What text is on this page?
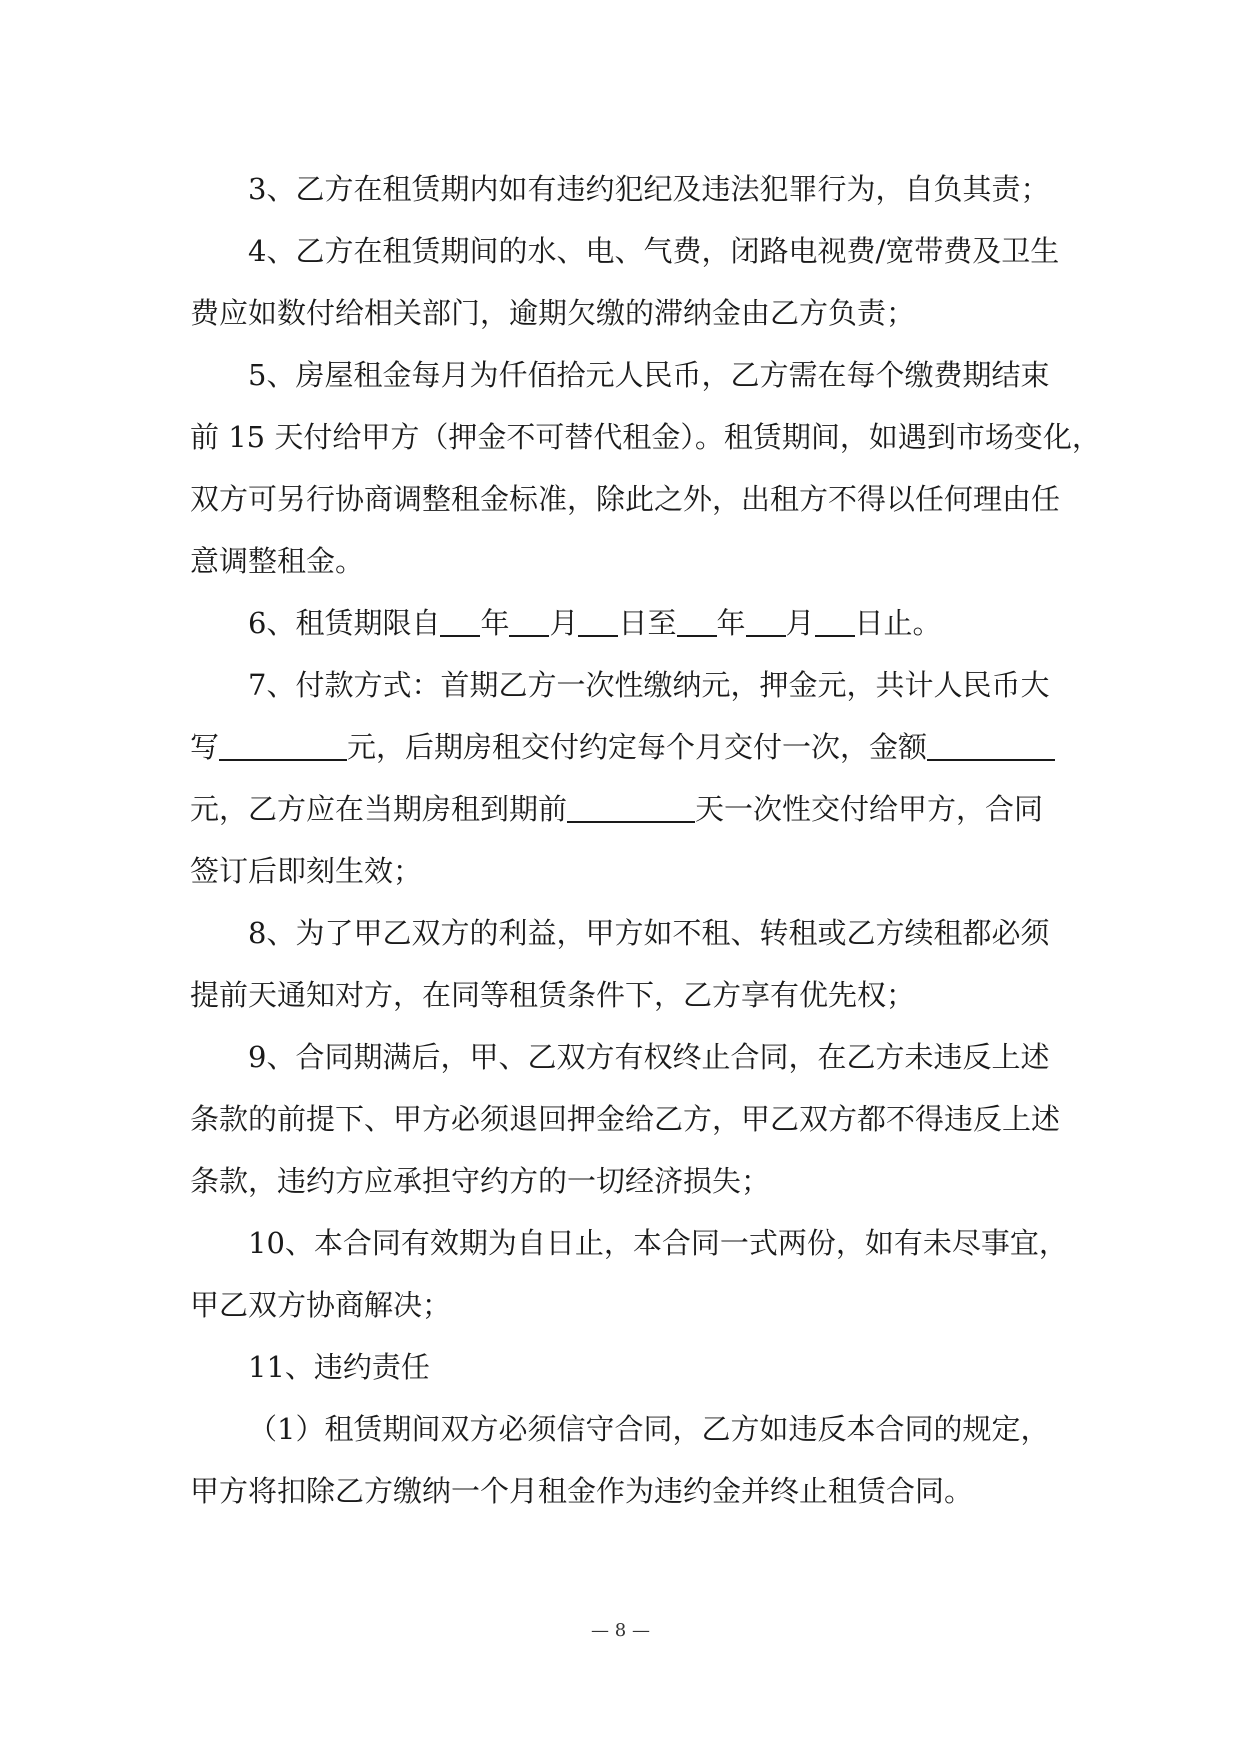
3、乙方在租赁期内如有违约犯纪及违法犯罪行为，自负其责；
4、乙方在租赁期间的水、电、气费，闭路电视费/宽带费及卫生
费应如数付给相关部门，逾期欠缴的滞纳金由乙方负责；
5、房屋租金每月为仟佰拾元人民币，乙方需在每个缴费期结束
前 15 天付给甲方（押金不可替代租金）。租赁期间，如遇到市场变化，
双方可另行协商调整租金标准，除此之外，出租方不得以任何理由任
意调整租金。
6、租赁期限自 年 月 日至 年 月 日止。
7、付款方式：首期乙方一次性缴纳元，押金元，共计人民币大
写	元，后期房租交付约定每个月交付一次，金额
元，乙方应在当期房租到期前	天一次性交付给甲方，合同
签订后即刻生效；
8、为了甲乙双方的利益，甲方如不租、转租或乙方续租都必须
提前天通知对方，在同等租赁条件下，乙方享有优先权；
9、合同期满后，甲、乙双方有权终止合同，在乙方未违反上述
条款的前提下、甲方必须退回押金给乙方，甲乙双方都不得违反上述
条款，违约方应承担守约方的一切经济损失；
10、本合同有效期为自日止，本合同一式两份，如有未尽事宜，
甲乙双方协商解决；
11、违约责任
（1）租赁期间双方必须信守合同，乙方如违反本合同的规定，
甲方将扣除乙方缴纳一个月租金作为违约金并终止租赁合同。
— 8 —
